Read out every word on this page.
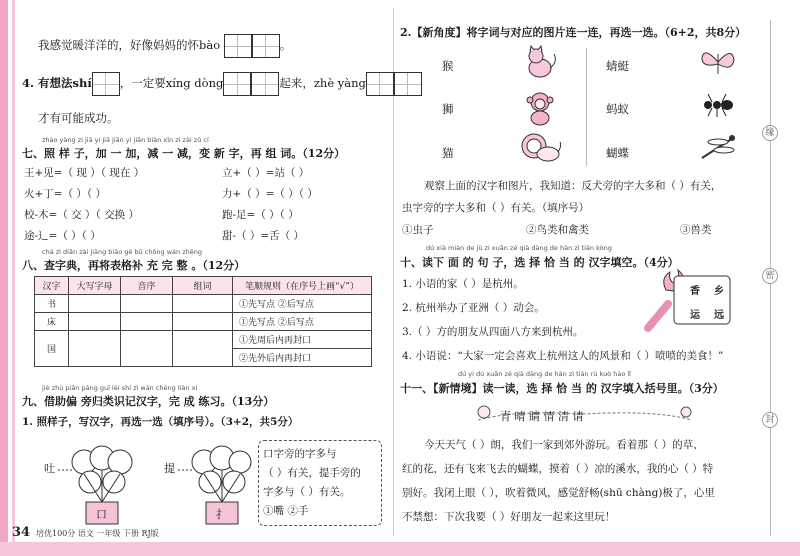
缘
密
封
我感觉暖洋洋的，好像妈妈的怀bào	。
4. 有想法shí ，一定要xíng dòng	起来，zhè yàng
才有可能成功。
zhào yàng zi jiā yi jiā jiǎn yi jiǎn biàn xīn zì zài zǔ cí
七、照 样 子，加 一 加，减 一 减，变 新 字，再 组 词。（12分）
王+见=（ 现 ）（ 现在 ）	立+（ ）=站（ ）
火+丁=（ ）（ ）	力+（ ）=（ ）（ ）
校-木=（ 交 ）（ 交换 ）	跑-足=（ ）（ ）
途-辶=（ ）（ ）	甜-（ ）=舌（ ）
chá zì diǎn zài jiāng biǎo gé bǔ chōng wán zhěng
八、查字典，再将表格补 充 完 整 。（12分）
汉字	大写字母	音序	组词	笔顺规则（在序号上画“√”）
书				①先写点 ②后写点
床				①先写点 ②后写点
国				①先周后内再封口
				②先外后内再封口
jiè zhù piān páng guī lèi shí zì wán chéng liàn xí
九、借助偏 旁归类识记汉字，完 成 练习。（13分）
1. 照样子，写汉字，再选一选（填序号）。（3+2，共5分）
吐
口
提
扌
口字旁的字多与
（ ）有关，提手旁的
字多与（ ）有关。
①嘴 ②手
34 培优100分 语文 一年级 下册 RJ版
2.【新角度】将字词与对应的图片连一连，再选一选。（6+2，共8分）
猴
狮
猫
蜻蜓
蚂蚁
蝴蝶
观察上面的汉字和图片，我知道：反犬旁的字大多和（ ）有关，
虫字旁的字大多和（ ）有关。（填序号）
①虫子	②鸟类和禽类	③兽类
dú xià miàn de jù zi xuǎn zé qià dàng de hàn zì tián kòng
十、读下 面 的 句 子，选 择 恰 当 的 汉字填空。（4分）
1. 小语的家（ ）是杭州。
2. 杭州举办了亚洲（ ）动会。
3.（ ）方的朋友从四面八方来到杭州。
4. 小语说：“大家一定会喜欢上杭州这人的风景和（ ）喷喷的美食！”
香 乡
运 远
dú yi dú xuǎn zé qià dàng de hàn zì tián rù kuò hào lǐ
十一、【新情境】读一读，选 择 恰 当 的 汉字填入括号里。（3分）
青 晴 睛 情 清 请
今天天气（ ）朗，我们一家到郊外游玩。看着那（ ）的草、
红的花，还有飞来飞去的蝴蝶，摸着（ ）凉的溪水，我的心（ ）特
别好。我闭上眼（ ），吹着微风，感觉舒畅(shū chàng)极了，心里
不禁想：下次我要（ ）好朋友一起来这里玩！
